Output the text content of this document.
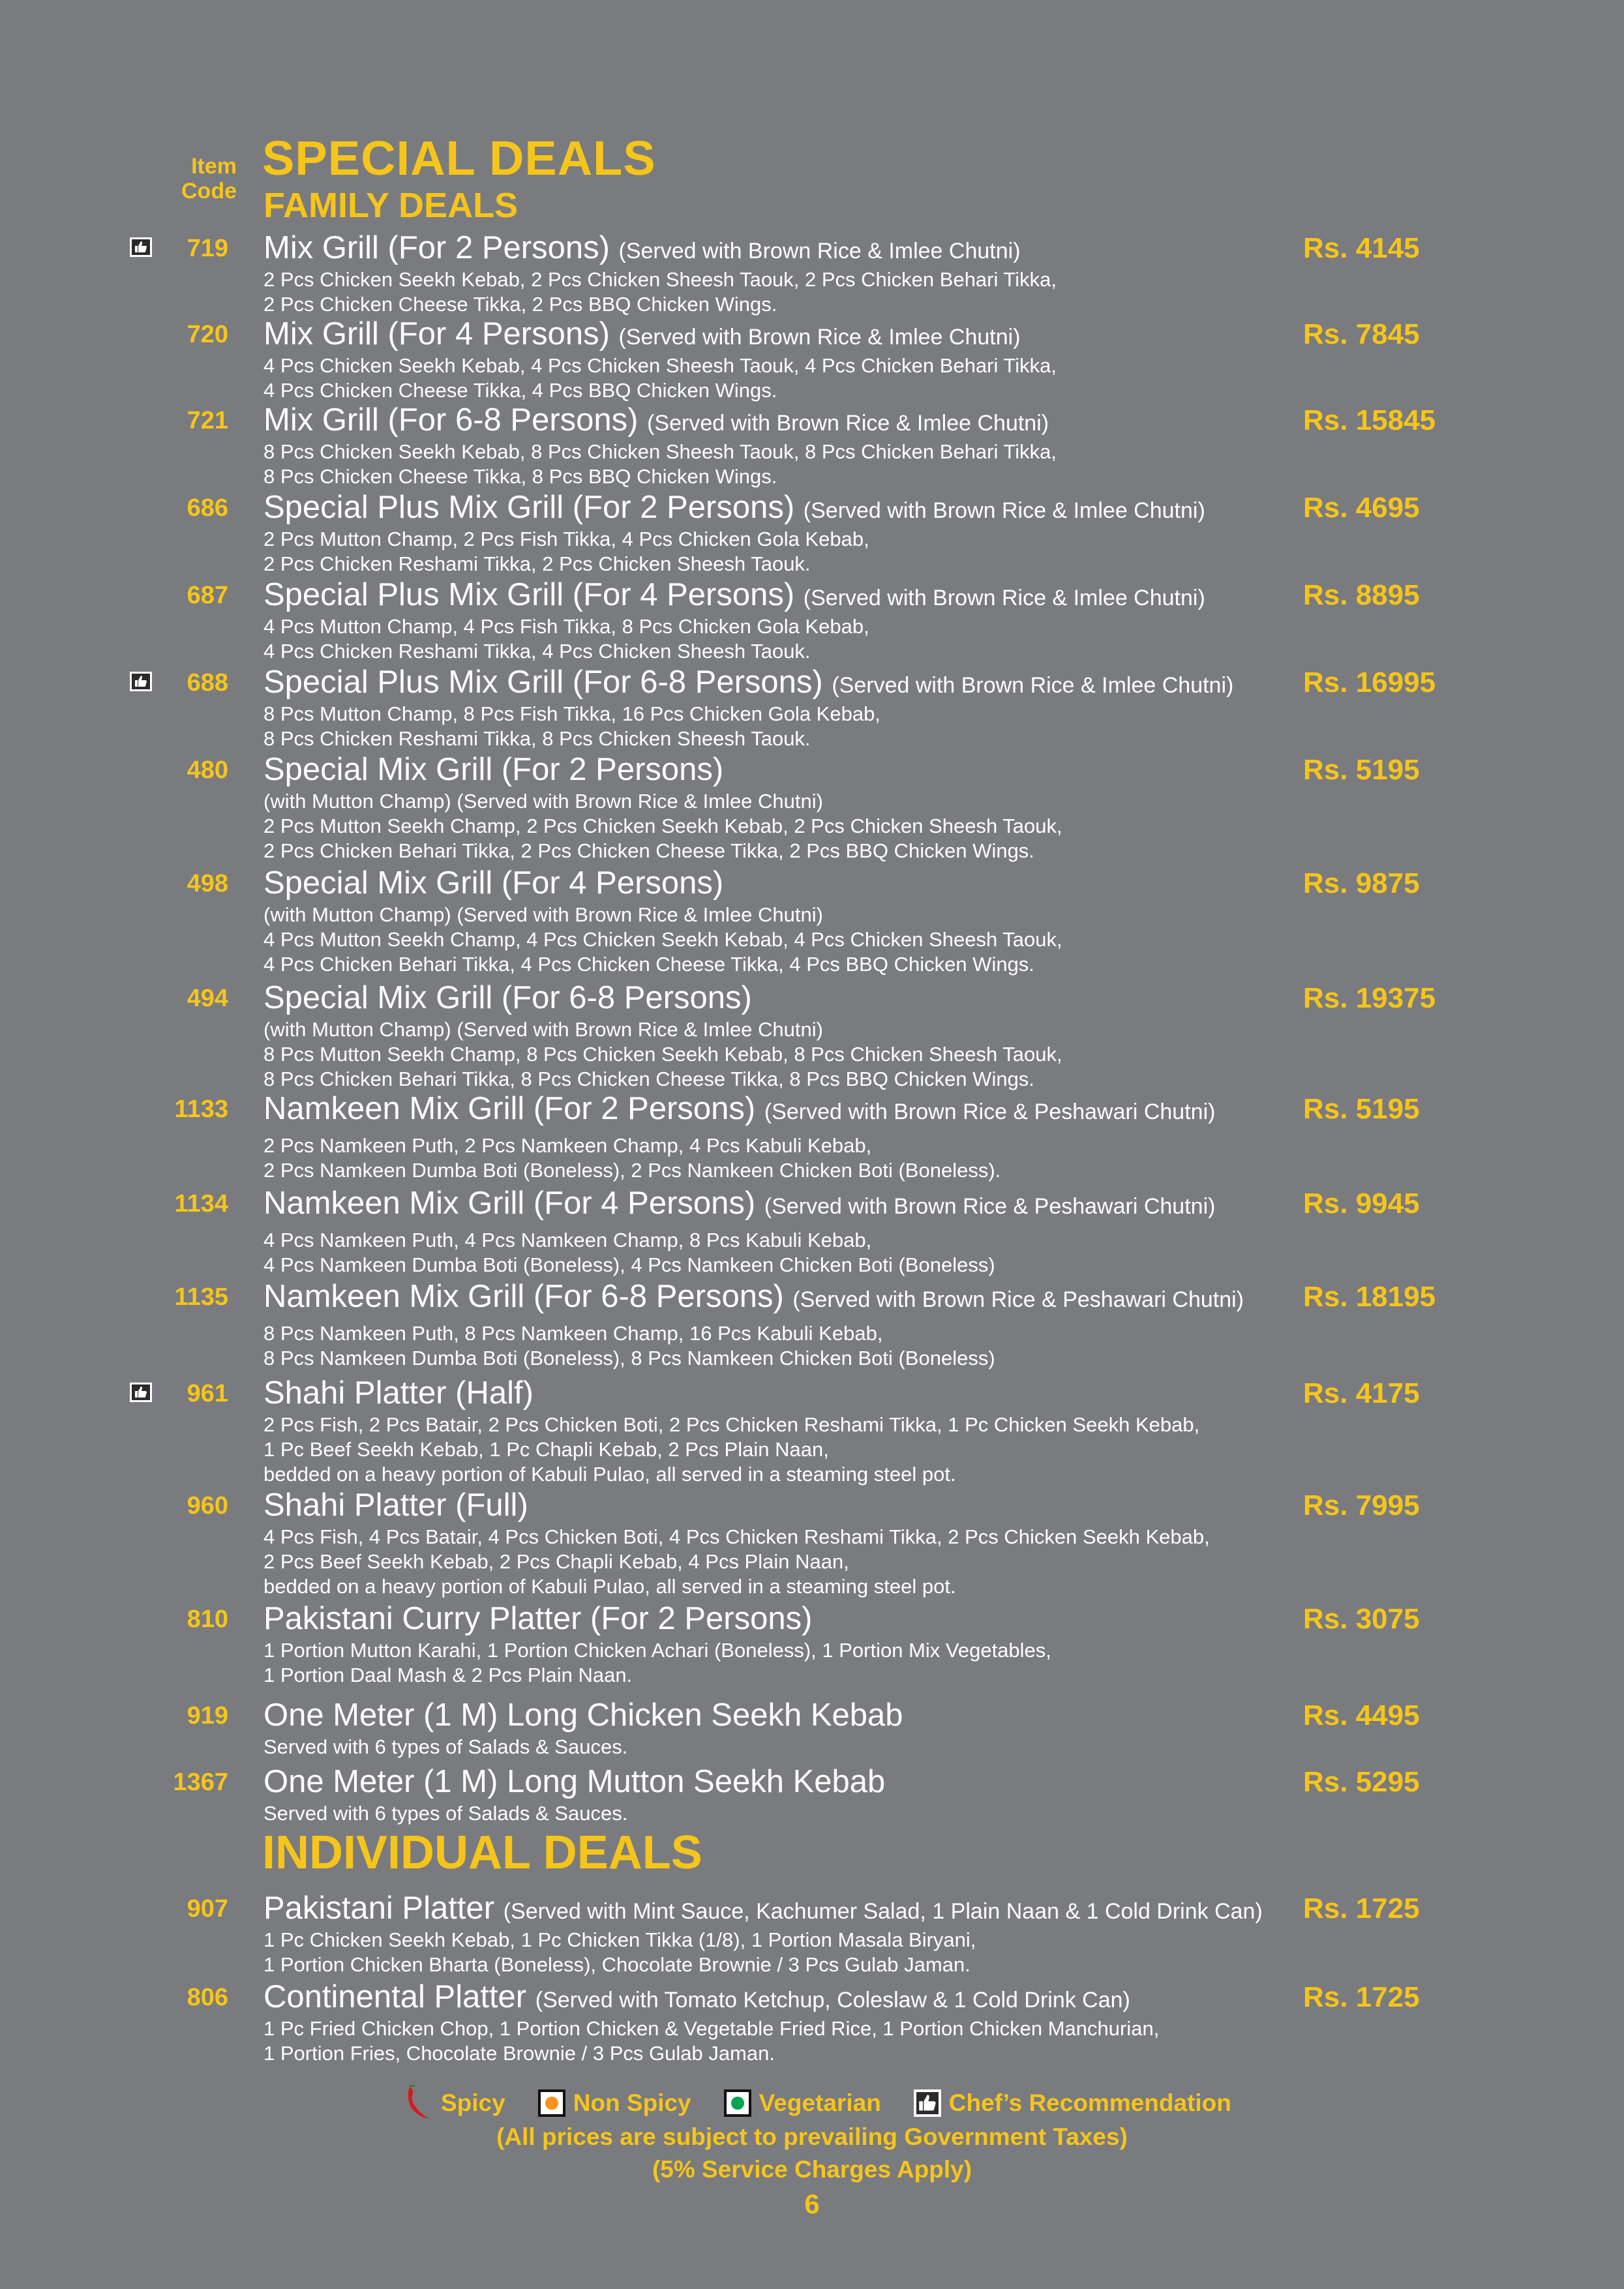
Item
Code
SPECIAL DEALS
FAMILY DEALS
INDIVIDUAL DEALS
719 Mix Grill (For 2 Persons) (Served with Brown Rice & Imlee Chutni)
2 Pcs Chicken Seekh Kebab, 2 Pcs Chicken Sheesh Taouk, 2 Pcs Chicken Behari Tikka,
2 Pcs Chicken Cheese Tikka, 2 Pcs BBQ Chicken Wings.
Rs. 4145
720 Mix Grill (For 4 Persons) (Served with Brown Rice & Imlee Chutni)
4 Pcs Chicken Seekh Kebab, 4 Pcs Chicken Sheesh Taouk, 4 Pcs Chicken Behari Tikka,
4 Pcs Chicken Cheese Tikka, 4 Pcs BBQ Chicken Wings.
Rs. 7845
721 Mix Grill (For 6-8 Persons) (Served with Brown Rice & Imlee Chutni)
8 Pcs Chicken Seekh Kebab, 8 Pcs Chicken Sheesh Taouk, 8 Pcs Chicken Behari Tikka,
8 Pcs Chicken Cheese Tikka, 8 Pcs BBQ Chicken Wings.
Rs. 15845
686 Special Plus Mix Grill (For 2 Persons) (Served with Brown Rice & Imlee Chutni)
2 Pcs Mutton Champ, 2 Pcs Fish Tikka, 4 Pcs Chicken Gola Kebab,
2 Pcs Chicken Reshami Tikka, 2 Pcs Chicken Sheesh Taouk.
Rs. 4695
687 Special Plus Mix Grill (For 4 Persons) (Served with Brown Rice & Imlee Chutni)
4 Pcs Mutton Champ, 4 Pcs Fish Tikka, 8 Pcs Chicken Gola Kebab,
4 Pcs Chicken Reshami Tikka, 4 Pcs Chicken Sheesh Taouk.
Rs. 8895
688 Special Plus Mix Grill (For 6-8 Persons) (Served with Brown Rice & Imlee Chutni)
8 Pcs Mutton Champ, 8 Pcs Fish Tikka, 16 Pcs Chicken Gola Kebab,
8 Pcs Chicken Reshami Tikka, 8 Pcs Chicken Sheesh Taouk.
Rs. 16995
480 Special Mix Grill (For 2 Persons)
(with Mutton Champ) (Served with Brown Rice & Imlee Chutni)
2 Pcs Mutton Seekh Champ, 2 Pcs Chicken Seekh Kebab, 2 Pcs Chicken Sheesh Taouk,
2 Pcs Chicken Behari Tikka, 2 Pcs Chicken Cheese Tikka, 2 Pcs BBQ Chicken Wings.
Rs. 5195
498 Special Mix Grill (For 4 Persons)
(with Mutton Champ) (Served with Brown Rice & Imlee Chutni)
4 Pcs Mutton Seekh Champ, 4 Pcs Chicken Seekh Kebab, 4 Pcs Chicken Sheesh Taouk,
4 Pcs Chicken Behari Tikka, 4 Pcs Chicken Cheese Tikka, 4 Pcs BBQ Chicken Wings.
Rs. 9875
494 Special Mix Grill (For 6-8 Persons)
(with Mutton Champ) (Served with Brown Rice & Imlee Chutni)
8 Pcs Mutton Seekh Champ, 8 Pcs Chicken Seekh Kebab, 8 Pcs Chicken Sheesh Taouk,
8 Pcs Chicken Behari Tikka, 8 Pcs Chicken Cheese Tikka, 8 Pcs BBQ Chicken Wings.
Rs. 19375
1133 Namkeen Mix Grill (For 2 Persons) (Served with Brown Rice & Peshawari Chutni)
2 Pcs Namkeen Puth, 2 Pcs Namkeen Champ, 4 Pcs Kabuli Kebab,
2 Pcs Namkeen Dumba Boti (Boneless), 2 Pcs Namkeen Chicken Boti (Boneless).
Rs. 5195
1134 Namkeen Mix Grill (For 4 Persons) (Served with Brown Rice & Peshawari Chutni)
4 Pcs Namkeen Puth, 4 Pcs Namkeen Champ, 8 Pcs Kabuli Kebab,
4 Pcs Namkeen Dumba Boti (Boneless), 4 Pcs Namkeen Chicken Boti (Boneless)
Rs. 9945
1135 Namkeen Mix Grill (For 6-8 Persons) (Served with Brown Rice & Peshawari Chutni)
8 Pcs Namkeen Puth, 8 Pcs Namkeen Champ, 16 Pcs Kabuli Kebab,
8 Pcs Namkeen Dumba Boti (Boneless), 8 Pcs Namkeen Chicken Boti (Boneless)
Rs. 18195
961 Shahi Platter (Half)
2 Pcs Fish, 2 Pcs Batair, 2 Pcs Chicken Boti, 2 Pcs Chicken Reshami Tikka, 1 Pc Chicken Seekh Kebab,
1 Pc Beef Seekh Kebab, 1 Pc Chapli Kebab, 2 Pcs Plain Naan,
bedded on a heavy portion of Kabuli Pulao, all served in a steaming steel pot.
Rs. 4175
960 Shahi Platter (Full)
4 Pcs Fish, 4 Pcs Batair, 4 Pcs Chicken Boti, 4 Pcs Chicken Reshami Tikka, 2 Pcs Chicken Seekh Kebab,
2 Pcs Beef Seekh Kebab, 2 Pcs Chapli Kebab, 4 Pcs Plain Naan,
bedded on a heavy portion of Kabuli Pulao, all served in a steaming steel pot.
Rs. 7995
810 Pakistani Curry Platter (For 2 Persons)
1 Portion Mutton Karahi, 1 Portion Chicken Achari (Boneless), 1 Portion Mix Vegetables,
1 Portion Daal Mash & 2 Pcs Plain Naan.
Rs. 3075
919 One Meter (1 M) Long Chicken Seekh Kebab
Served with 6 types of Salads & Sauces.
Rs. 4495
1367 One Meter (1 M) Long Mutton Seekh Kebab
Served with 6 types of Salads & Sauces.
Rs. 5295
907 Pakistani Platter (Served with Mint Sauce, Kachumer Salad, 1 Plain Naan & 1 Cold Drink Can)
1 Pc Chicken Seekh Kebab, 1 Pc Chicken Tikka (1/8), 1 Portion Masala Biryani,
1 Portion Chicken Bharta (Boneless), Chocolate Brownie / 3 Pcs Gulab Jaman.
Rs. 1725
806 Continental Platter (Served with Tomato Ketchup, Coleslaw & 1 Cold Drink Can)
1 Pc Fried Chicken Chop, 1 Portion Chicken & Vegetable Fried Rice, 1 Portion Chicken Manchurian,
1 Portion Fries, Chocolate Brownie / 3 Pcs Gulab Jaman.
Rs. 1725
Spicy	Non Spicy	Vegetarian	Chef’s Recommendation
(All prices are subject to prevailing Government Taxes)
(5% Service Charges Apply)
6
